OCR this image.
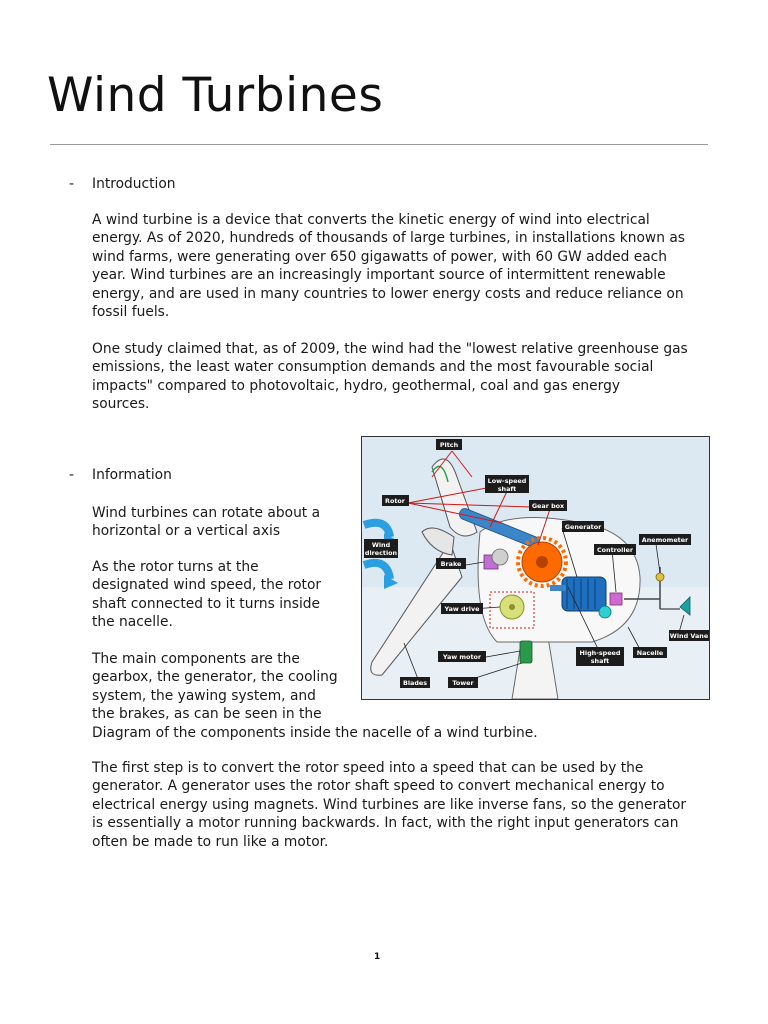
Wind Turbines
- Introduction

A wind turbine is a device that converts the kinetic energy of wind into electrical
energy. As of 2020, hundreds of thousands of large turbines, in installations known as
wind farms, were generating over 650 gigawatts of power, with 60 GW added each
year. Wind turbines are an increasingly important source of intermittent renewable
energy, and are used in many countries to lower energy costs and reduce reliance on
fossil fuels.

One study claimed that, as of 2009, the wind had the "lowest relative greenhouse gas
emissions, the least water consumption demands and the most favourable social
impacts" compared to photovoltaic, hydro, geothermal, coal and gas energy
sources.

- Information

Wind turbines can rotate about a
horizontal or a vertical axis

As the rotor turns at the
designated wind speed, the rotor
shaft connected to it turns inside
the nacelle.

The main components are the
gearbox, the generator, the cooling
system, the yawing system, and
the brakes, as can be seen in the
Diagram of the components inside the nacelle of a wind turbine.

The first step is to convert the rotor speed into a speed that can be used by the
generator. A generator uses the rotor shaft speed to convert mechanical energy to
electrical energy using magnets. Wind turbines are like inverse fans, so the generator
is essentially a motor running backwards. In fact, with the right input generators can
often be made to run like a motor.

Pitch
Low-speed
shaft
Rotor
Gear box
Generator
Anemometer
Wind
direction	Controller
Brake
Yaw drive
Wind Vane
Yaw motor	High-speed
shaft
Nacelle
Blades	Tower
1
